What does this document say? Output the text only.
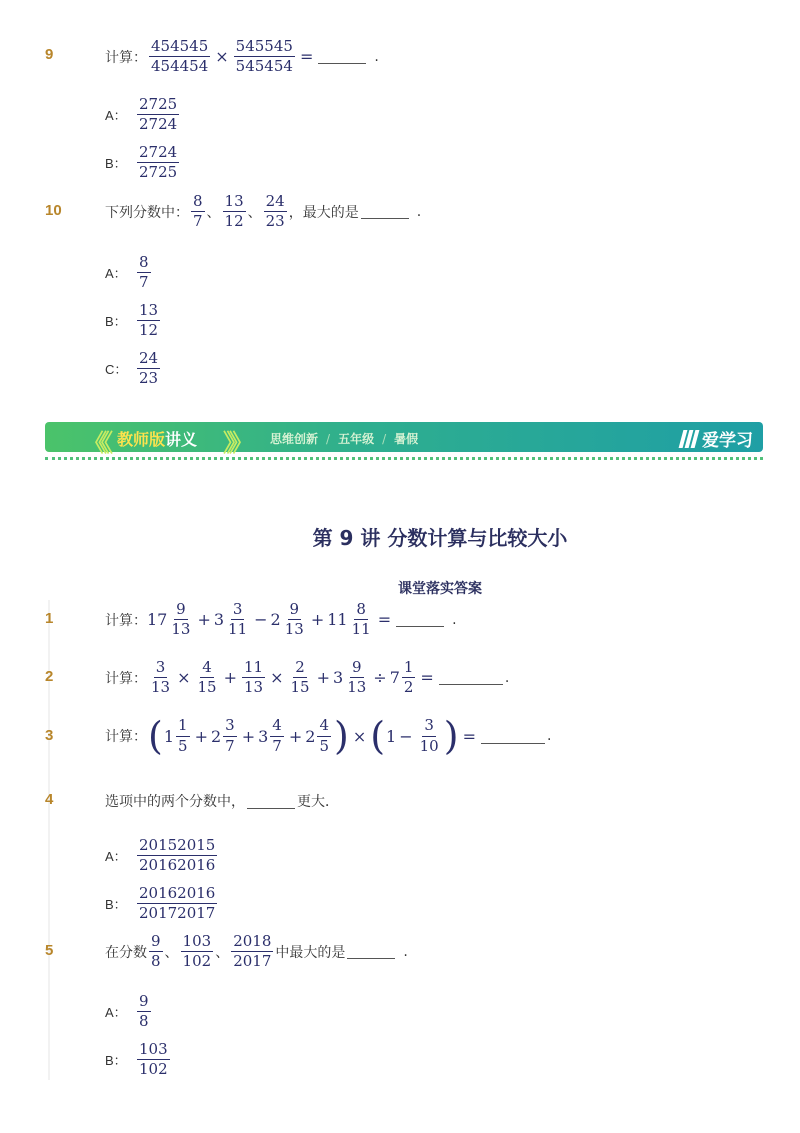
9	计算： $\frac{454545}{454454} \times \frac{545545}{545454}$ =	.
A： $\frac{2725}{2724}$
B： $\frac{2724}{2725}$
10	下列分数中： $\frac{8}{7}$ 、 $\frac{13}{12}$ 、 $\frac{24}{23}$ ，最大的是	.
A： $\frac{8}{7}$
B： $\frac{13}{12}$
C： $\frac{24}{23}$
《《 教师版讲义 》》 思维创新 / 五年级 / 暑假	爱学习
第 9 讲 分数计算与比较大小
课堂落实答案
1	计算： $17 \frac{9}{13} + 3 \frac{3}{11} - 2 \frac{9}{13} + 11 \frac{8}{11}$ =	.
2	计算： $\frac{3}{13} \times \frac{4}{15} + \frac{11}{13} \times \frac{2}{15} + 3 \frac{9}{13} \div 7 \frac{1}{2}$ =	.
3	计算： ( $1 \frac{1}{5} + 2 \frac{3}{7} + 3 \frac{4}{7} + 2 \frac{4}{5}$ ) × ( $1 - \frac{3}{10}$ ) =	.
4	选项中的两个分数中，	更大．
A： $\frac{20152015}{20162016}$
B： $\frac{20162016}{20172017}$
5	在分数 $\frac{9}{8}$ 、 $\frac{103}{102}$ 、 $\frac{2018}{2017}$ 中最大的是	.
A： $\frac{9}{8}$
B： $\frac{103}{102}$
